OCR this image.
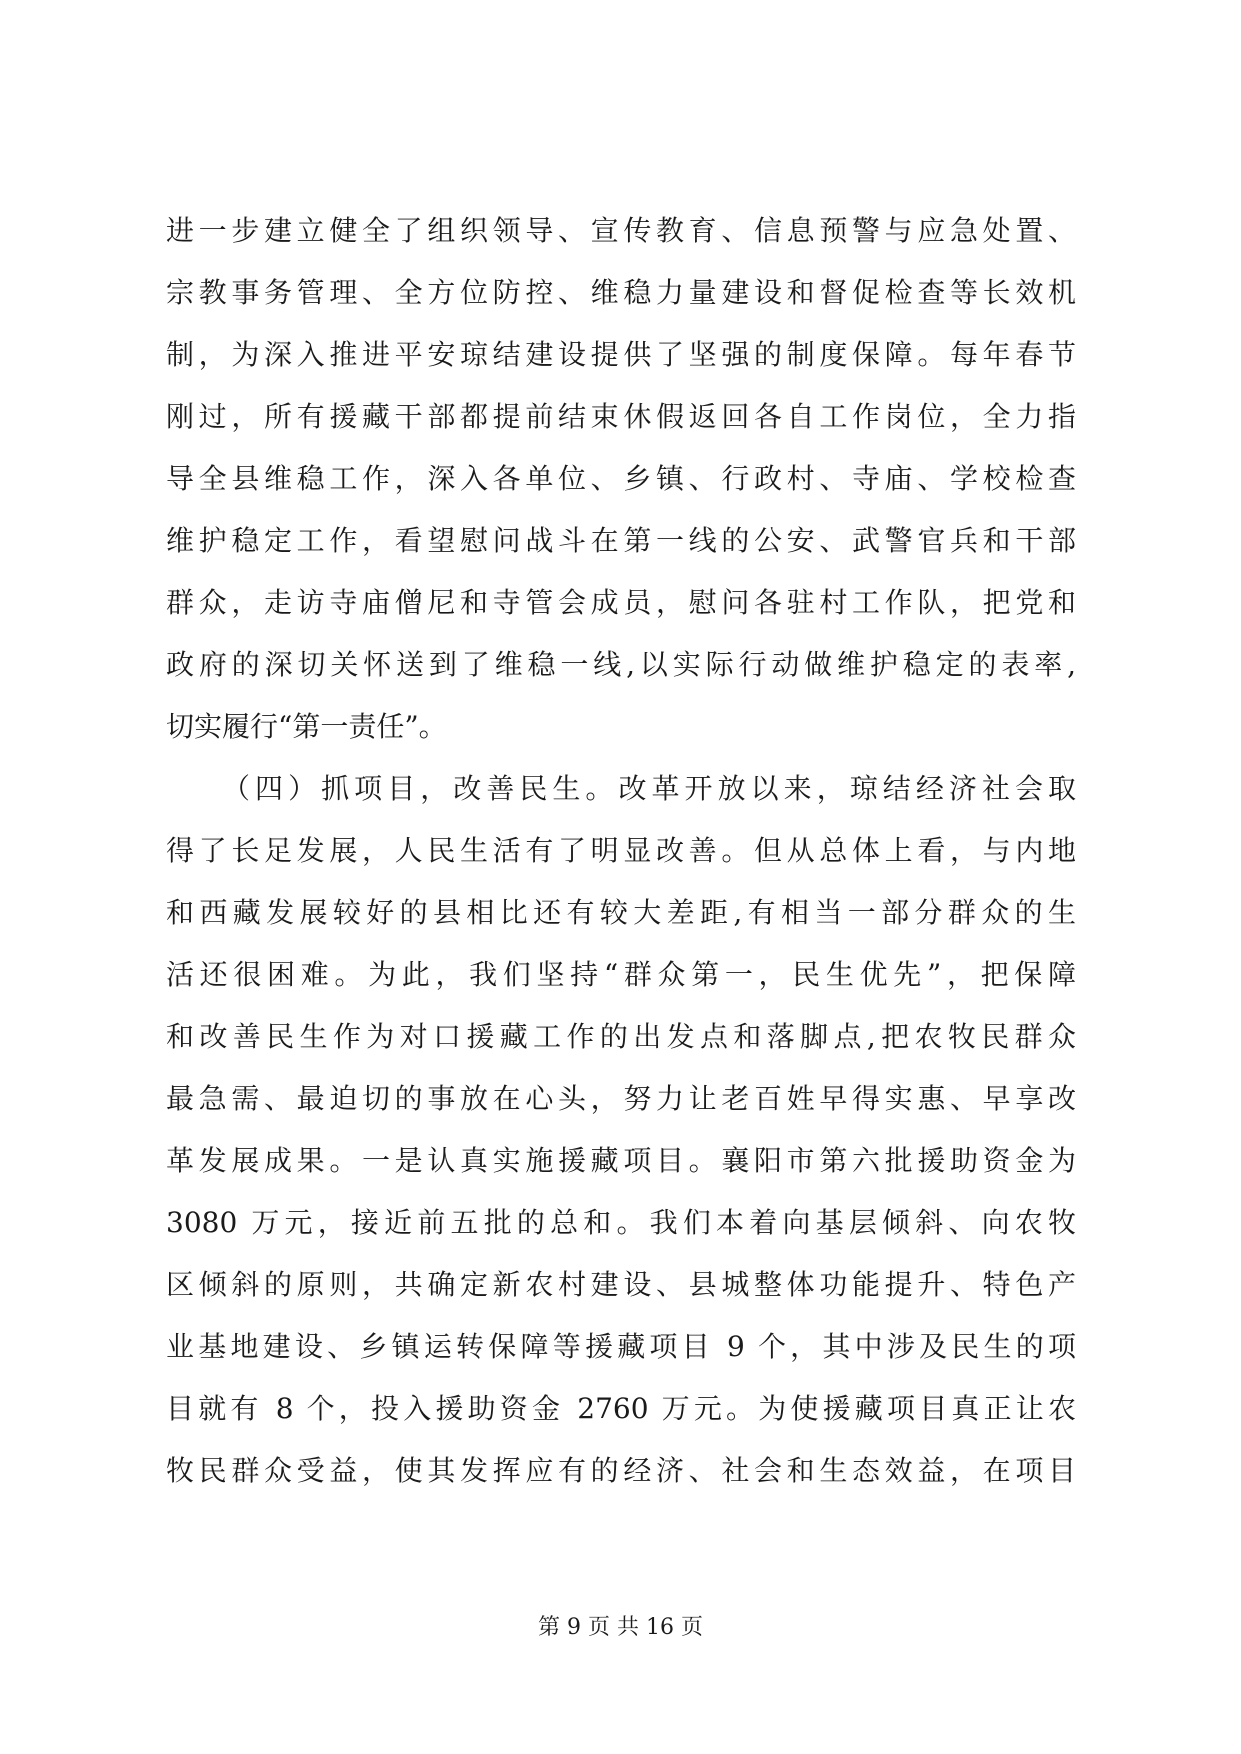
进一步建立健全了组织领导、宣传教育、信息预警与应急处置、
宗教事务管理、全方位防控、维稳力量建设和督促检查等长效机
制，为深入推进平安琼结建设提供了坚强的制度保障。每年春节
刚过，所有援藏干部都提前结束休假返回各自工作岗位，全力指
导全县维稳工作，深入各单位、乡镇、行政村、寺庙、学校检查
维护稳定工作，看望慰问战斗在第一线的公安、武警官兵和干部
群众，走访寺庙僧尼和寺管会成员，慰问各驻村工作队，把党和
政府的深切关怀送到了维稳一线,以实际行动做维护稳定的表率,
切实履行“第一责任”。
（四）抓项目，改善民生。改革开放以来，琼结经济社会取
得了长足发展，人民生活有了明显改善。但从总体上看，与内地
和西藏发展较好的县相比还有较大差距,有相当一部分群众的生
活还很困难。为此，我们坚持“群众第一，民生优先”，把保障
和改善民生作为对口援藏工作的出发点和落脚点,把农牧民群众
最急需、最迫切的事放在心头，努力让老百姓早得实惠、早享改
革发展成果。一是认真实施援藏项目。襄阳市第六批援助资金为
3080 万元，接近前五批的总和。我们本着向基层倾斜、向农牧
区倾斜的原则，共确定新农村建设、县城整体功能提升、特色产
业基地建设、乡镇运转保障等援藏项目 9 个，其中涉及民生的项
目就有 8 个，投入援助资金 2760 万元。为使援藏项目真正让农
牧民群众受益，使其发挥应有的经济、社会和生态效益，在项目
第 9 页 共 16 页
